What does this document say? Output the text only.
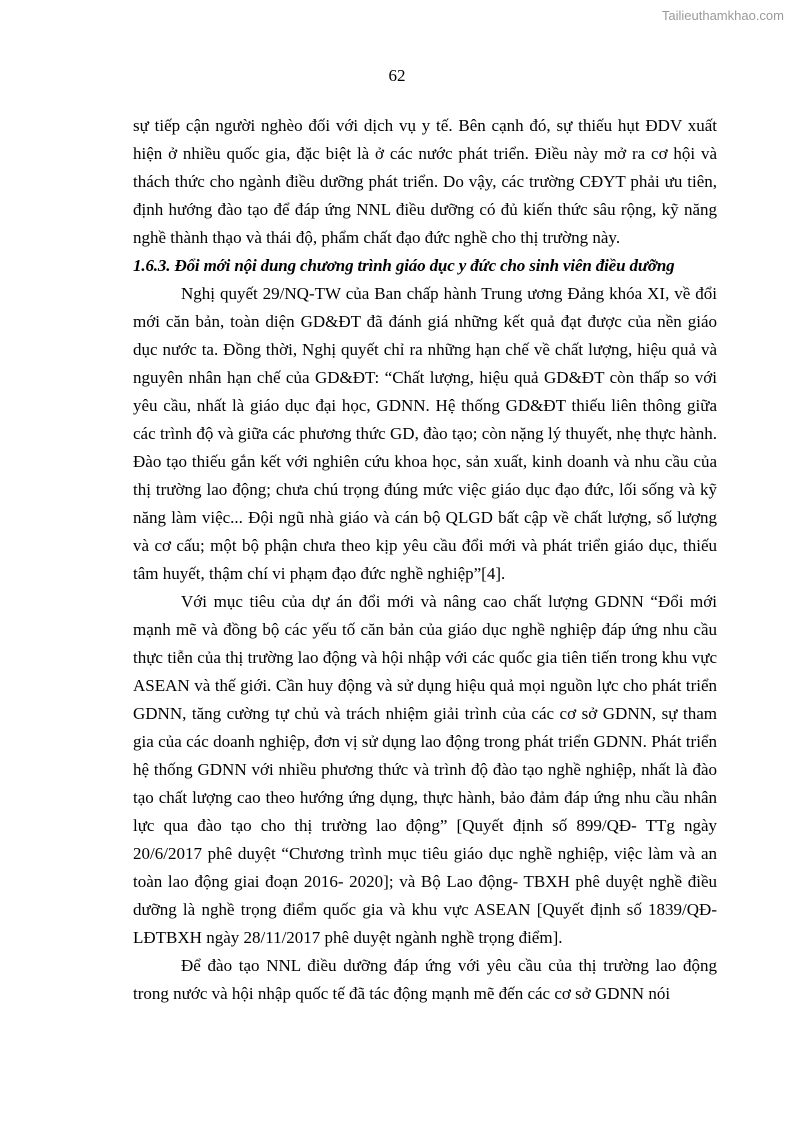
Tailieuthamkhao.com
62

sự tiếp cận người nghèo đối với dịch vụ y tế. Bên cạnh đó, sự thiếu hụt ĐDV xuất hiện ở nhiều quốc gia, đặc biệt là ở các nước phát triển. Điều này mở ra cơ hội và thách thức cho ngành điều dưỡng phát triển. Do vậy, các trường CĐYT phải ưu tiên, định hướng đào tạo để đáp ứng NNL điều dưỡng có đủ kiến thức sâu rộng, kỹ năng nghề thành thạo và thái độ, phẩm chất đạo đức nghề cho thị trường này.

1.6.3. Đổi mới nội dung chương trình giáo dục y đức cho sinh viên điều dưỡng

Nghị quyết 29/NQ-TW của Ban chấp hành Trung ương Đảng khóa XI, về đổi mới căn bản, toàn diện GD&ĐT đã đánh giá những kết quả đạt được của nền giáo dục nước ta. Đồng thời, Nghị quyết chỉ ra những hạn chế về chất lượng, hiệu quả và nguyên nhân hạn chế của GD&ĐT: “Chất lượng, hiệu quả GD&ĐT còn thấp so với yêu cầu, nhất là giáo dục đại học, GDNN. Hệ thống GD&ĐT thiếu liên thông giữa các trình độ và giữa các phương thức GD, đào tạo; còn nặng lý thuyết, nhẹ thực hành. Đào tạo thiếu gắn kết với nghiên cứu khoa học, sản xuất, kinh doanh và nhu cầu của thị trường lao động; chưa chú trọng đúng mức việc giáo dục đạo đức, lối sống và kỹ năng làm việc... Đội ngũ nhà giáo và cán bộ QLGD bất cập về chất lượng, số lượng và cơ cấu; một bộ phận chưa theo kịp yêu cầu đổi mới và phát triển giáo dục, thiếu tâm huyết, thậm chí vi phạm đạo đức nghề nghiệp”[4].

Với mục tiêu của dự án đổi mới và nâng cao chất lượng GDNN “Đổi mới mạnh mẽ và đồng bộ các yếu tố căn bản của giáo dục nghề nghiệp đáp ứng nhu cầu thực tiễn của thị trường lao động và hội nhập với các quốc gia tiên tiến trong khu vực ASEAN và thế giới. Cần huy động và sử dụng hiệu quả mọi nguồn lực cho phát triển GDNN, tăng cường tự chủ và trách nhiệm giải trình của các cơ sở GDNN, sự tham gia của các doanh nghiệp, đơn vị sử dụng lao động trong phát triển GDNN. Phát triển hệ thống GDNN với nhiều phương thức và trình độ đào tạo nghề nghiệp, nhất là đào tạo chất lượng cao theo hướng ứng dụng, thực hành, bảo đảm đáp ứng nhu cầu nhân lực qua đào tạo cho thị trường lao động” [Quyết định số 899/QĐ- TTg ngày 20/6/2017 phê duyệt “Chương trình mục tiêu giáo dục nghề nghiệp, việc làm và an toàn lao động giai đoạn 2016- 2020]; và Bộ Lao động- TBXH phê duyệt nghề điều dưỡng là nghề trọng điểm quốc gia và khu vực ASEAN [Quyết định số 1839/QĐ-LĐTBXH ngày 28/11/2017 phê duyệt ngành nghề trọng điểm].

Để đào tạo NNL điều dưỡng đáp ứng với yêu cầu của thị trường lao động trong nước và hội nhập quốc tế đã tác động mạnh mẽ đến các cơ sở GDNN nói
